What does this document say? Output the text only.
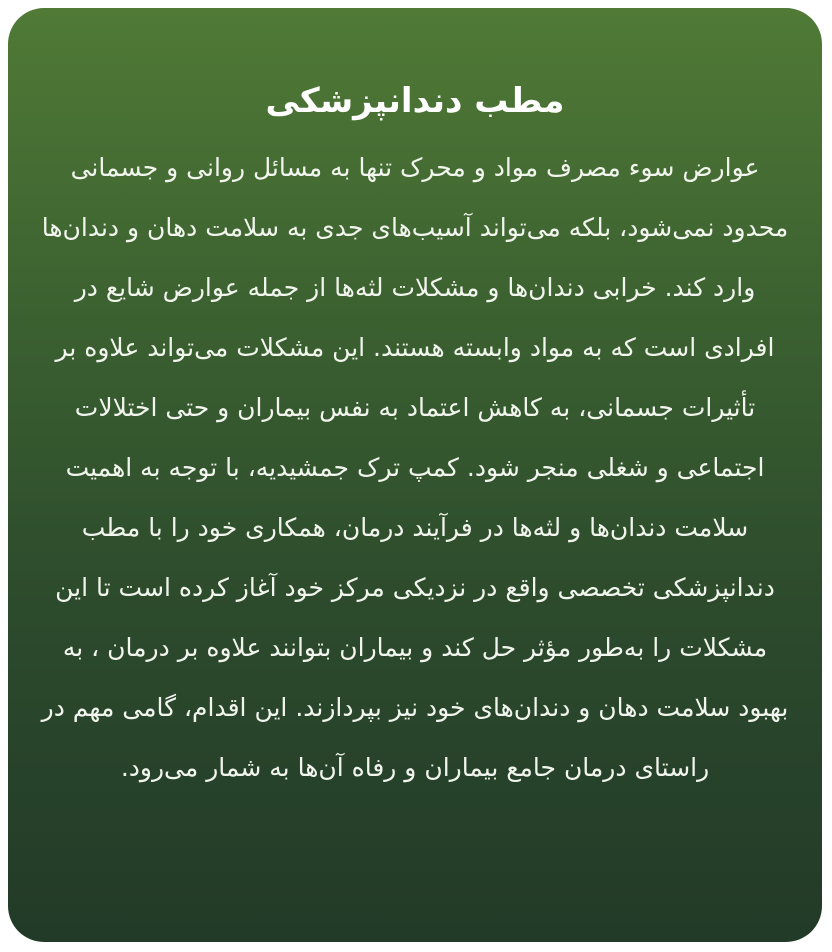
مطب دندانپزشکی

عوارض سوء مصرف مواد و محرک تنها به مسائل روانی و جسمانی محدود نمی‌شود، بلکه می‌تواند آسیب‌های جدی به سلامت دهان و دندان‌ها وارد کند. خرابی دندان‌ها و مشکلات لثه‌ها از جمله عوارض شایع در افرادی است که به مواد وابسته هستند. این مشکلات می‌تواند علاوه بر تأثیرات جسمانی، به کاهش اعتماد به نفس بیماران و حتی اختلالات اجتماعی و شغلی منجر شود. کمپ ترک جمشیدیه، با توجه به اهمیت سلامت دندان‌ها و لثه‌ها در فرآیند درمان، همکاری خود را با مطب دندانپزشکی تخصصی واقع در نزدیکی مرکز خود آغاز کرده است تا این مشکلات را به‌طور مؤثر حل کند و بیماران بتوانند علاوه بر درمان ، به بهبود سلامت دهان و دندان‌های خود نیز بپردازند. این اقدام، گامی مهم در راستای درمان جامع بیماران و رفاه آن‌ها به شمار می‌رود.
